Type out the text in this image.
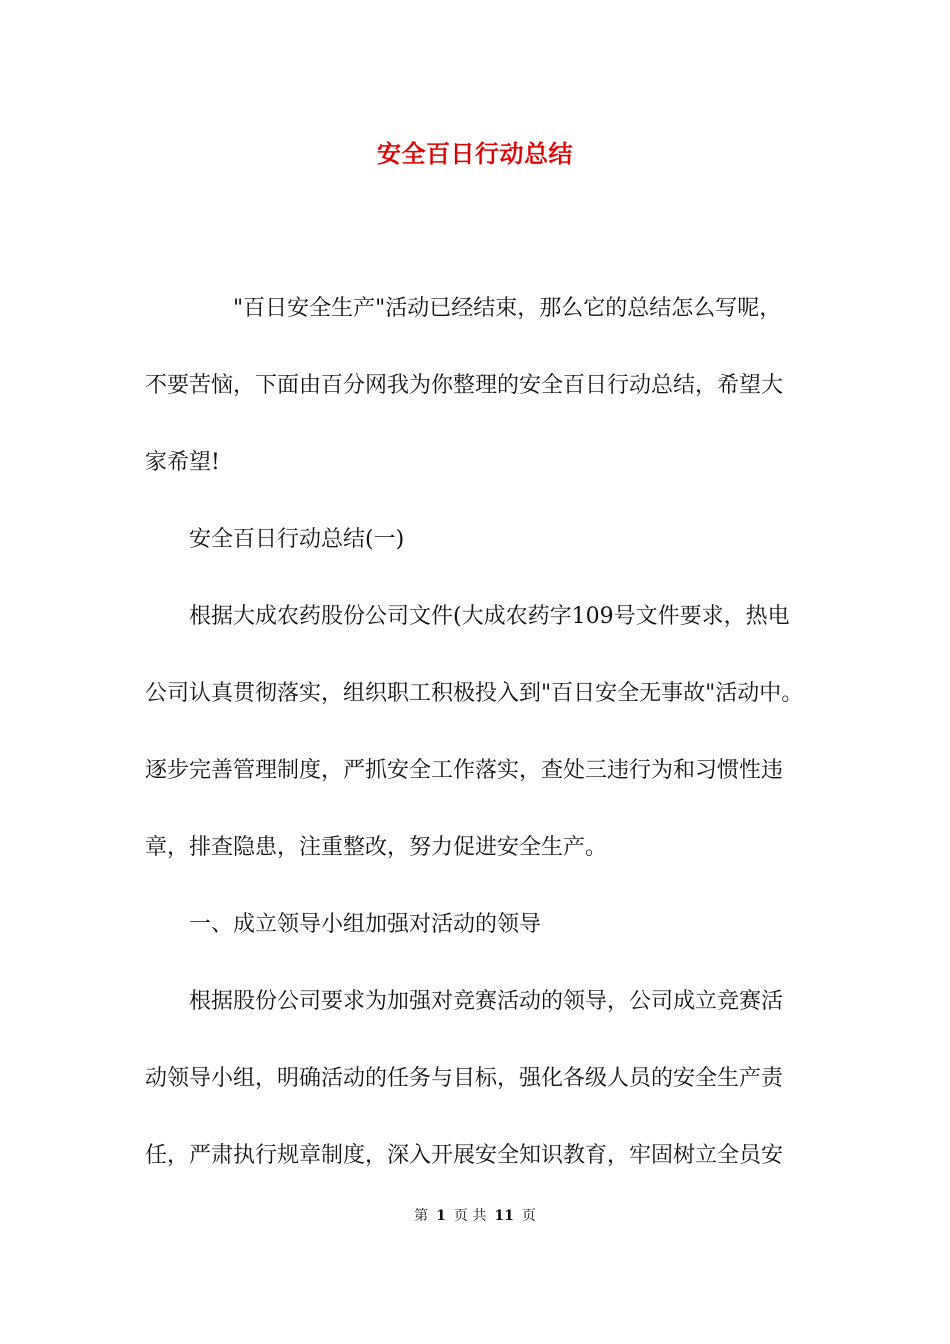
安全百日行动总结

"百日安全生产"活动已经结束，那么它的总结怎么写呢，
不要苦恼，下面由百分网我为你整理的安全百日行动总结，希望大
家希望!
安全百日行动总结(一)
根据大成农药股份公司文件(大成农药字109号文件要求，热电
公司认真贯彻落实，组织职工积极投入到"百日安全无事故"活动中。
逐步完善管理制度，严抓安全工作落实，查处三违行为和习惯性违
章，排查隐患，注重整改，努力促进安全生产。
一、成立领导小组加强对活动的领导
根据股份公司要求为加强对竞赛活动的领导，公司成立竞赛活
动领导小组，明确活动的任务与目标，强化各级人员的安全生产责
任，严肃执行规章制度，深入开展安全知识教育，牢固树立全员安

第 1 页 共 11 页
